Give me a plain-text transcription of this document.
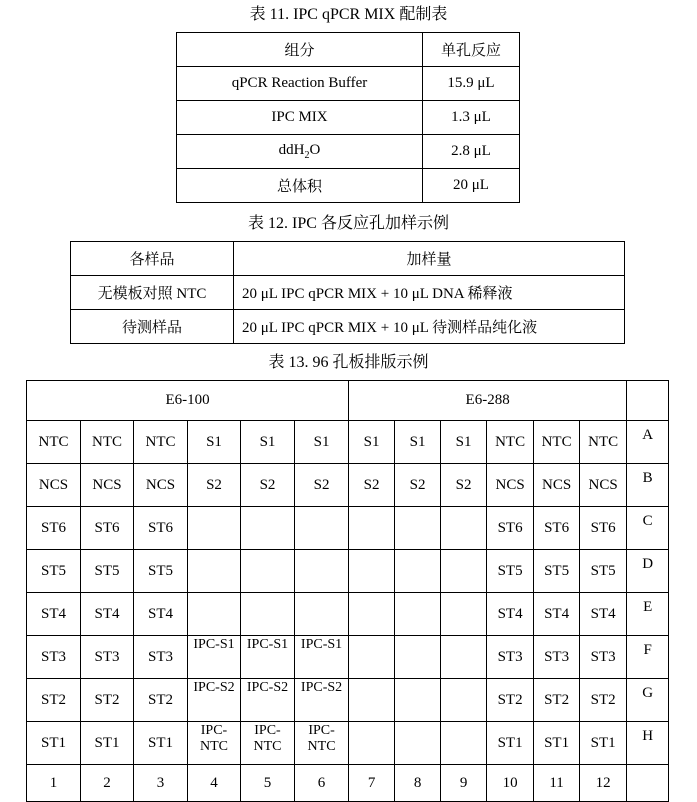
表 11. IPC qPCR MIX 配制表
组分	单孔反应
qPCR Reaction Buffer	15.9 μL
IPC MIX	1.3 μL
ddH$_2$O	2.8 μL
总体积	20 μL
表 12. IPC 各反应孔加样示例
各样品	加样量
无模板对照 NTC	20 μL IPC qPCR MIX + 10 μL DNA 稀释液
待测样品	20 μL IPC qPCR MIX + 10 μL 待测样品纯化液
表 13. 96 孔板排版示例
E6-100						E6-288						
NTC	NTC	NTC	S1	S1	S1	S1	S1	S1	NTC	NTC	NTC	A
NCS	NCS	NCS	S2	S2	S2	S2	S2	S2	NCS	NCS	NCS	B
ST6	ST6	ST6							ST6	ST6	ST6	C
ST5	ST5	ST5							ST5	ST5	ST5	D
ST4	ST4	ST4							ST4	ST4	ST4	E
ST3	ST3	ST3	IPC-S1	IPC-S1	IPC-S1				ST3	ST3	ST3	F
ST2	ST2	ST2	IPC-S2	IPC-S2	IPC-S2				ST2	ST2	ST2	G
ST1	ST1	ST1	IPC-NTC	IPC-NTC	IPC-NTC				ST1	ST1	ST1	H
1	2	3	4	5	6	7	8	9	10	11	12	
